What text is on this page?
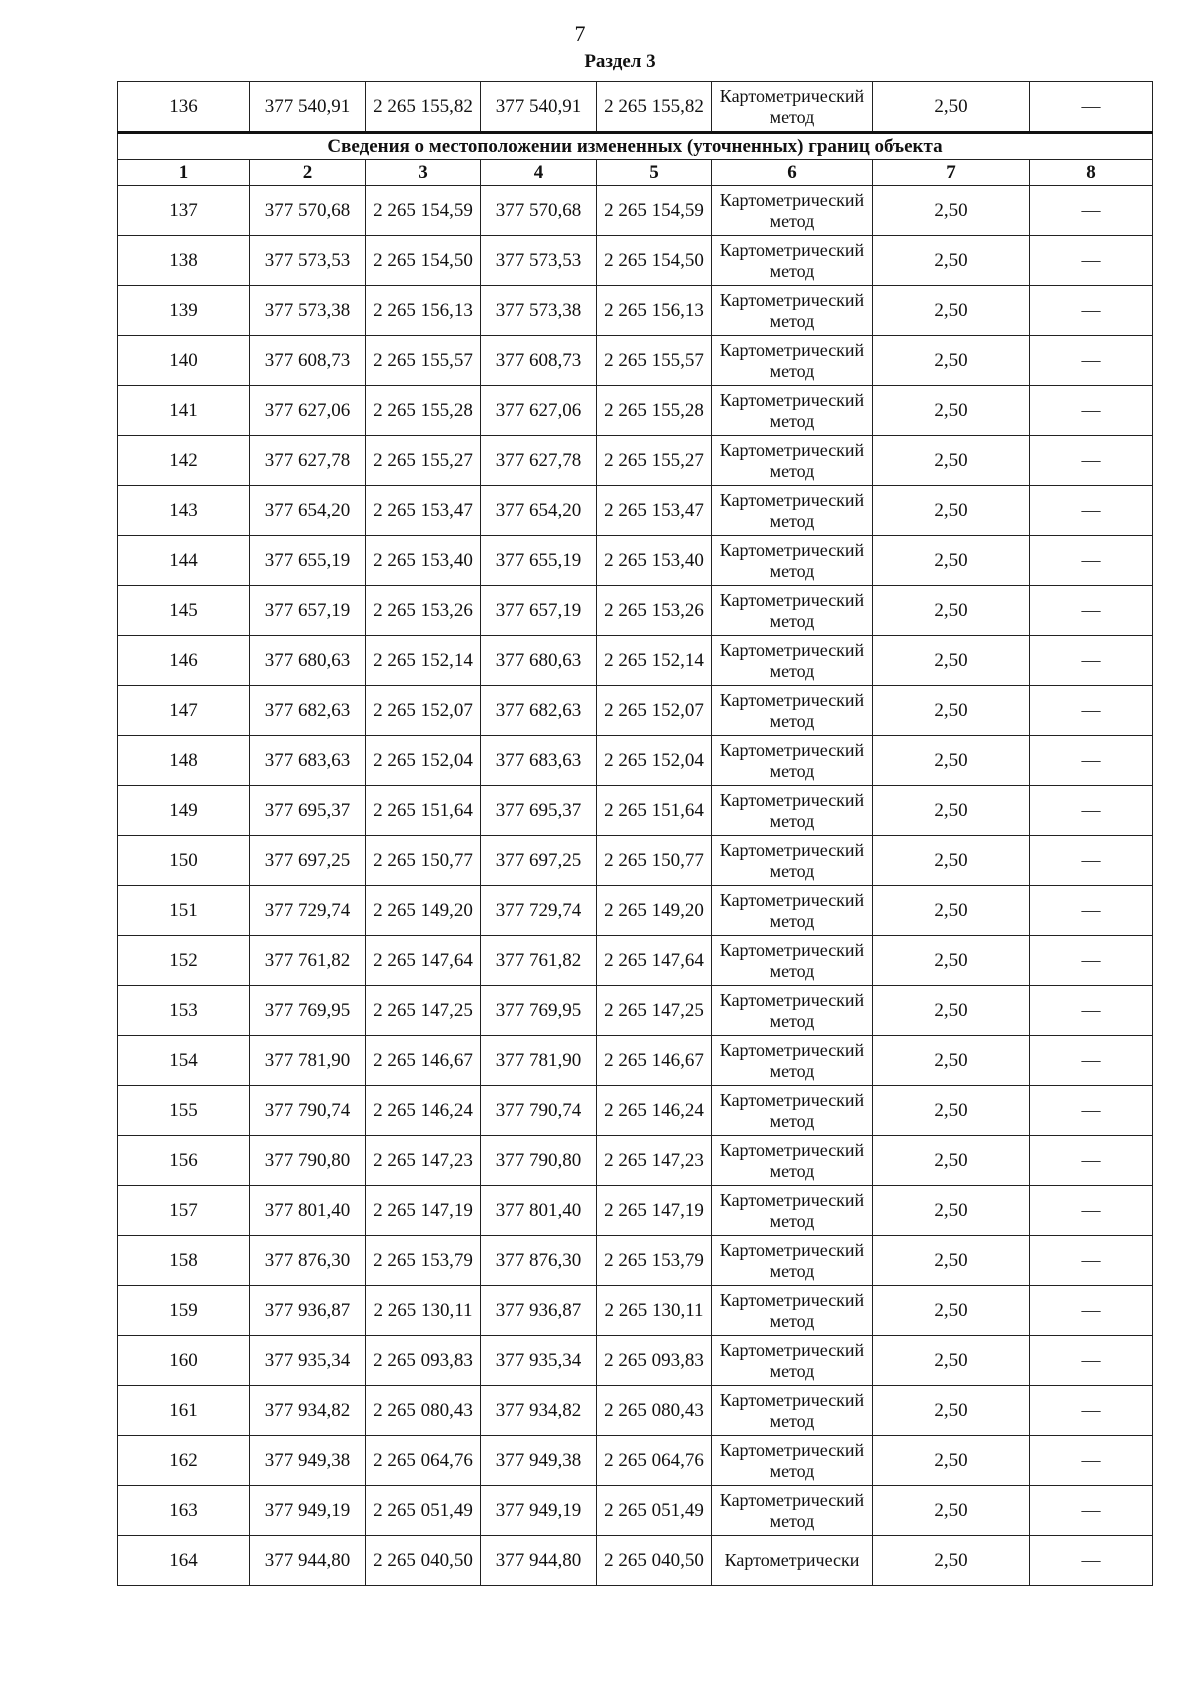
7
Раздел 3
136	377 540,91	2 265 155,82	377 540,91	2 265 155,82	Картометрический метод	2,50	—
Сведения о местоположении измененных (уточненных) границ объекта							
1	2	3	4	5	6	7	8
137	377 570,68	2 265 154,59	377 570,68	2 265 154,59	Картометрический метод	2,50	—
138	377 573,53	2 265 154,50	377 573,53	2 265 154,50	Картометрический метод	2,50	—
139	377 573,38	2 265 156,13	377 573,38	2 265 156,13	Картометрический метод	2,50	—
140	377 608,73	2 265 155,57	377 608,73	2 265 155,57	Картометрический метод	2,50	—
141	377 627,06	2 265 155,28	377 627,06	2 265 155,28	Картометрический метод	2,50	—
142	377 627,78	2 265 155,27	377 627,78	2 265 155,27	Картометрический метод	2,50	—
143	377 654,20	2 265 153,47	377 654,20	2 265 153,47	Картометрический метод	2,50	—
144	377 655,19	2 265 153,40	377 655,19	2 265 153,40	Картометрический метод	2,50	—
145	377 657,19	2 265 153,26	377 657,19	2 265 153,26	Картометрический метод	2,50	—
146	377 680,63	2 265 152,14	377 680,63	2 265 152,14	Картометрический метод	2,50	—
147	377 682,63	2 265 152,07	377 682,63	2 265 152,07	Картометрический метод	2,50	—
148	377 683,63	2 265 152,04	377 683,63	2 265 152,04	Картометрический метод	2,50	—
149	377 695,37	2 265 151,64	377 695,37	2 265 151,64	Картометрический метод	2,50	—
150	377 697,25	2 265 150,77	377 697,25	2 265 150,77	Картометрический метод	2,50	—
151	377 729,74	2 265 149,20	377 729,74	2 265 149,20	Картометрический метод	2,50	—
152	377 761,82	2 265 147,64	377 761,82	2 265 147,64	Картометрический метод	2,50	—
153	377 769,95	2 265 147,25	377 769,95	2 265 147,25	Картометрический метод	2,50	—
154	377 781,90	2 265 146,67	377 781,90	2 265 146,67	Картометрический метод	2,50	—
155	377 790,74	2 265 146,24	377 790,74	2 265 146,24	Картометрический метод	2,50	—
156	377 790,80	2 265 147,23	377 790,80	2 265 147,23	Картометрический метод	2,50	—
157	377 801,40	2 265 147,19	377 801,40	2 265 147,19	Картометрический метод	2,50	—
158	377 876,30	2 265 153,79	377 876,30	2 265 153,79	Картометрический метод	2,50	—
159	377 936,87	2 265 130,11	377 936,87	2 265 130,11	Картометрический метод	2,50	—
160	377 935,34	2 265 093,83	377 935,34	2 265 093,83	Картометрический метод	2,50	—
161	377 934,82	2 265 080,43	377 934,82	2 265 080,43	Картометрический метод	2,50	—
162	377 949,38	2 265 064,76	377 949,38	2 265 064,76	Картометрический метод	2,50	—
163	377 949,19	2 265 051,49	377 949,19	2 265 051,49	Картометрический метод	2,50	—
164	377 944,80	2 265 040,50	377 944,80	2 265 040,50	Картометрически	2,50	—
